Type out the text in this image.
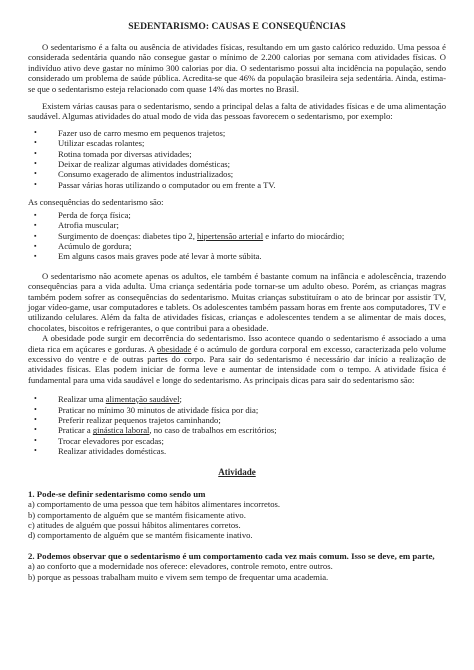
SEDENTARISMO: CAUSAS E CONSEQUÊNCIAS

O sedentarismo é a falta ou ausência de atividades físicas, resultando em um gasto calórico reduzido. Uma pessoa é considerada sedentária quando não consegue gastar o mínimo de 2.200 calorias por semana com atividades físicas. O indivíduo ativo deve gastar no mínimo 300 calorias por dia. O sedentarismo possui alta incidência na população, sendo considerado um problema de saúde pública. Acredita-se que 46% da população brasileira seja sedentária. Ainda, estima-se que o sedentarismo esteja relacionado com quase 14% das mortes no Brasil.

Existem várias causas para o sedentarismo, sendo a principal delas a falta de atividades físicas e de uma alimentação saudável. Algumas atividades do atual modo de vida das pessoas favorecem o sedentarismo, por exemplo:

• Fazer uso de carro mesmo em pequenos trajetos;
• Utilizar escadas rolantes;
• Rotina tomada por diversas atividades;
• Deixar de realizar algumas atividades domésticas;
• Consumo exagerado de alimentos industrializados;
• Passar várias horas utilizando o computador ou em frente a TV.

As consequências do sedentarismo são:

▪	Perda de força física;
▪	Atrofia muscular;
▪	Surgimento de doenças: diabetes tipo 2, hipertensão arterial e infarto do miocárdio;
▪	Acúmulo de gordura;
▪	Em alguns casos mais graves pode até levar à morte súbita.

O sedentarismo não acomete apenas os adultos, ele também é bastante comum na infância e adolescência, trazendo consequências para a vida adulta. Uma criança sedentária pode tornar-se um adulto obeso. Porém, as crianças magras também podem sofrer as consequências do sedentarismo. Muitas crianças substituíram o ato de brincar por assistir TV, jogar vídeo-game, usar computadores e tablets. Os adolescentes também passam horas em frente aos computadores, TV e utilizando celulares. Além da falta de atividades físicas, crianças e adolescentes tendem a se alimentar de mais doces, chocolates, biscoitos e refrigerantes, o que contribui para a obesidade.

A obesidade pode surgir em decorrência do sedentarismo. Isso acontece quando o sedentarismo é associado a uma dieta rica em açúcares e gorduras. A obesidade é o acúmulo de gordura corporal em excesso, caracterizada pelo volume excessivo do ventre e de outras partes do corpo. Para sair do sedentarismo é necessário dar início a realização de atividades físicas. Elas podem iniciar de forma leve e aumentar de intensidade com o tempo. A atividade física é fundamental para uma vida saudável e longe do sedentarismo. As principais dicas para sair do sedentarismo são:

• Realizar uma alimentação saudável;
• Praticar no mínimo 30 minutos de atividade física por dia;
• Preferir realizar pequenos trajetos caminhando;
• Praticar a ginástica laboral, no caso de trabalhos em escritórios;
• Trocar elevadores por escadas;
• Realizar atividades domésticas.
Atividade

1. Pode-se definir sedentarismo como sendo um

a) comportamento de uma pessoa que tem hábitos alimentares incorretos.

b) comportamento de alguém que se mantém fisicamente ativo.

c) atitudes de alguém que possui hábitos alimentares corretos.

d) comportamento de alguém que se mantém fisicamente inativo.

2. Podemos observar que o sedentarismo é um comportamento cada vez mais comum. Isso se deve, em parte,

a) ao conforto que a modernidade nos oferece: elevadores, controle remoto, entre outros.

b) porque as pessoas trabalham muito e vivem sem tempo de frequentar uma academia.
